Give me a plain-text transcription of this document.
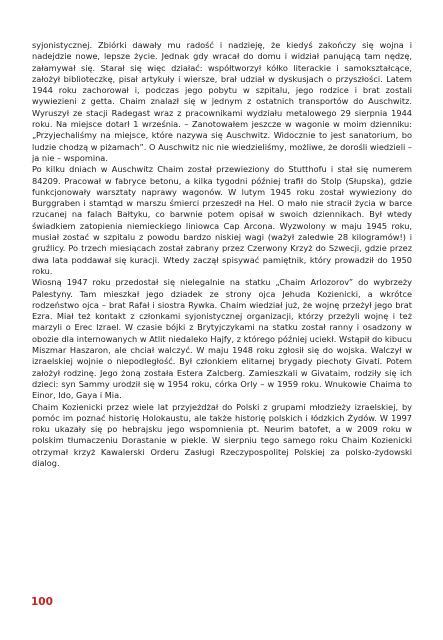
syjonistycznej. Zbiórki dawały mu radość i nadzieję, że kiedyś zakończy się wojna i nadejdzie nowe, lepsze życie. Jednak gdy wracał do domu i widział panującą tam nędzę, załamywał się. Starał się więc działać: współtworzył kółko literackie i samokształcące, założył biblioteczkę, pisał artykuły i wiersze, brał udział w dyskusjach o przyszłości. Latem 1944 roku zachorował i, podczas jego pobytu w szpitalu, jego rodzice i brat zostali wywiezieni z getta. Chaim znalazł się w jednym z ostatnich transportów do Auschwitz. Wyruszył ze stacji Radegast wraz z pracownikami wydziału metalowego 29 sierpnia 1944 roku. Na miejsce dotarł 1 września. – Zanotowałem jeszcze w wagonie w moim dzienniku: „Przyjechaliśmy na miejsce, które nazywa się Auschwitz. Widocznie to jest sanatorium, bo ludzie chodzą w piżamach”. O Auschwitz nic nie wiedzieliśmy, możliwe, że dorośli wiedzieli – ja nie – wspomina.

Po kilku dniach w Auschwitz Chaim został przewieziony do Stutthofu i stał się numerem 84209. Pracował w fabryce betonu, a kilka tygodni później trafił do Stolp (Słupska), gdzie funkcjonowały warsztaty naprawy wagonów. W lutym 1945 roku został wywieziony do Burggraben i stamtąd w marszu śmierci przeszedł na Hel. O mało nie stracił życia w barce rzucanej na falach Bałtyku, co barwnie potem opisał w swoich dziennikach. Był wtedy świadkiem zatopienia niemieckiego liniowca Cap Arcona. Wyzwolony w maju 1945 roku, musiał zostać w szpitalu z powodu bardzo niskiej wagi (ważył zaledwie 28 kilogramów!) i gruźlicy. Po trzech miesiącach został zabrany przez Czerwony Krzyż do Szwecji, gdzie przez dwa lata poddawał się kuracji. Wtedy zaczął spisywać pamiętnik, który prowadził do 1950 roku.

Wiosną 1947 roku przedostał się nielegalnie na statku „Chaim Arlozorov” do wybrzeży Palestyny. Tam mieszkał jego dziadek ze strony ojca Jehuda Kozienicki, a wkrótce rodzeństwo ojca – brat Rafał i siostra Rywka. Chaim wiedział już, że wojnę przeżył jego brat Ezra. Miał też kontakt z członkami syjonistycznej organizacji, którzy przeżyli wojnę i też marzyli o Erec Izrael. W czasie bójki z Brytyjczykami na statku został ranny i osadzony w obozie dla internowanych w Atlit niedaleko Hajfy, z którego później uciekł. Wstąpił do kibucu Miszmar Haszaron, ale chciał walczyć. W maju 1948 roku zgłosił się do wojska. Walczył w izraelskiej wojnie o niepodległość. Był członkiem elitarnej brygady piechoty Givati. Potem założył rodzinę. Jego żoną została Estera Zalcberg. Zamieszkali w Givataim, rodziły się ich dzieci: syn Sammy urodził się w 1954 roku, córka Orly – w 1959 roku. Wnukowie Chaima to Einor, Ido, Gaya i Mia.

Chaim Kozienicki przez wiele lat przyjeżdżał do Polski z grupami młodzieży izraelskiej, by pomóc im poznać historię Holokaustu, ale także historię polskich i łódzkich Żydów. W 1997 roku ukazały się po hebrajsku jego wspomnienia pt. Neurim batofet, a w 2009 roku w polskim tłumaczeniu Dorastanie w piekle. W sierpniu tego samego roku Chaim Kozienicki otrzymał krzyż Kawalerski Orderu Zasługi Rzeczypospolitej Polskiej za polsko-żydowski dialog.

100
